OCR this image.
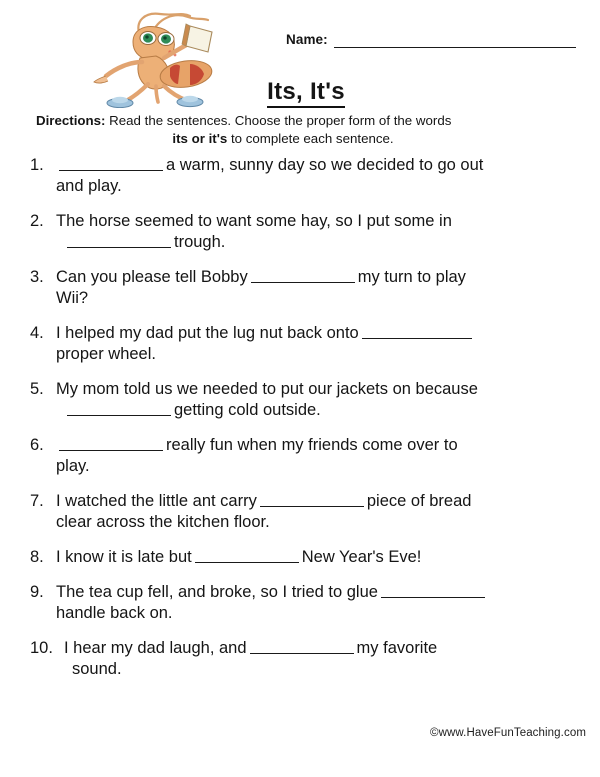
Name:
Its, It's
Directions: Read the sentences. Choose the proper form of the words
its or it's to complete each sentence.
1.	a warm, sunny day so we decided to go out
and play.
2. The horse seemed to want some hay, so I put some in
trough.
3. Can you please tell Bobby	my turn to play
Wii?
4. I helped my dad put the lug nut back onto
proper wheel.
5. My mom told us we needed to put our jackets on because
getting cold outside.
6.	really fun when my friends come over to
play.
7. I watched the little ant carry	piece of bread
clear across the kitchen floor.
8. I know it is late but	New Year's Eve!
9. The tea cup fell, and broke, so I tried to glue
handle back on.
10. I hear my dad laugh, and	my favorite
sound.
©www.HaveFunTeaching.com
